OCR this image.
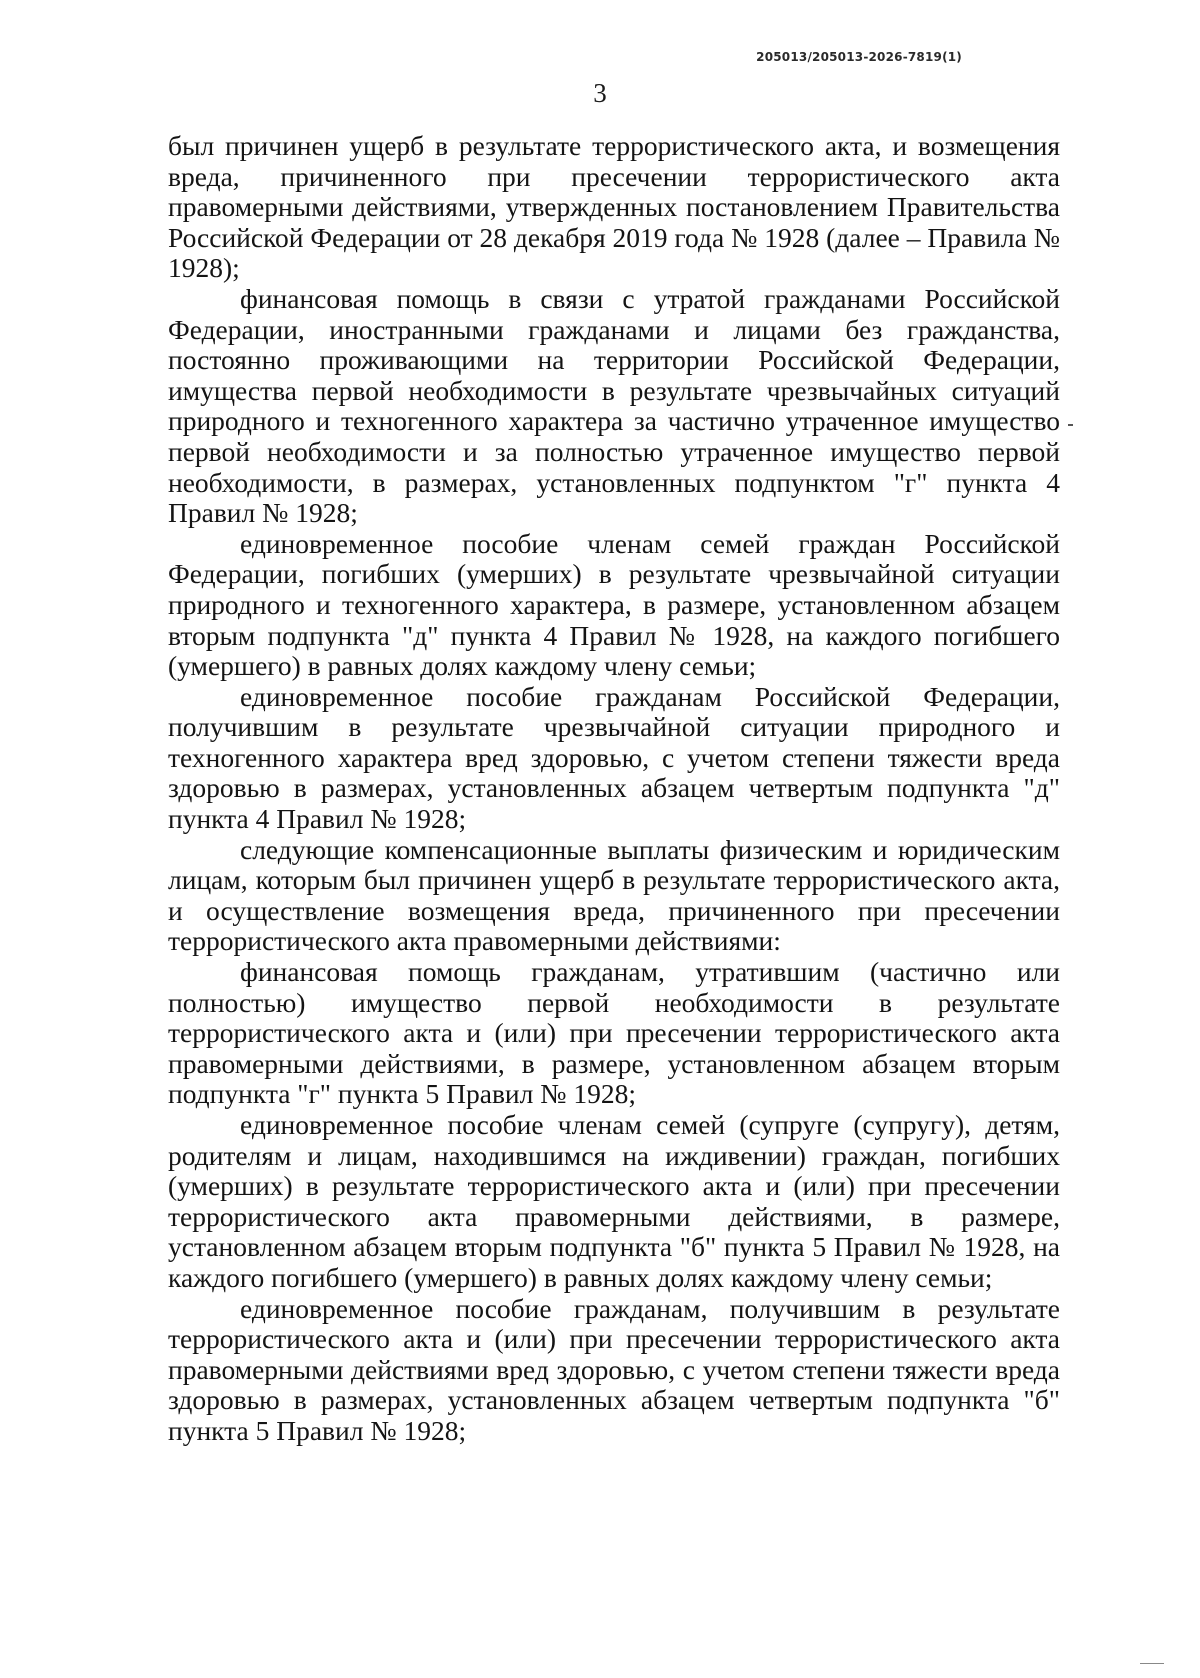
205013/205013-2026-7819(1)
3

был причинен ущерб в результате террористического акта, и возмещения вреда, причиненного при пресечении террористического акта правомерными действиями, утвержденных постановлением Правительства Российской Федерации от 28 декабря 2019 года № 1928 (далее – Правила № 1928);

финансовая помощь в связи с утратой гражданами Российской Федерации, иностранными гражданами и лицами без гражданства, постоянно проживающими на территории Российской Федерации, имущества первой необходимости в результате чрезвычайных ситуаций природного и техногенного характера за частично утраченное имущество первой необходимости и за полностью утраченное имущество первой необходимости, в размерах, установленных подпунктом "г" пункта 4 Правил № 1928;

единовременное пособие членам семей граждан Российской Федерации, погибших (умерших) в результате чрезвычайной ситуации природного и техногенного характера, в размере, установленном абзацем вторым подпункта "д" пункта 4 Правил № 1928, на каждого погибшего (умершего) в равных долях каждому члену семьи;

единовременное пособие гражданам Российской Федерации, получившим в результате чрезвычайной ситуации природного и техногенного характера вред здоровью, с учетом степени тяжести вреда здоровью в размерах, установленных абзацем четвертым подпункта "д" пункта 4 Правил № 1928;

следующие компенсационные выплаты физическим и юридическим лицам, которым был причинен ущерб в результате террористического акта, и осуществление возмещения вреда, причиненного при пресечении террористического акта правомерными действиями:

финансовая помощь гражданам, утратившим (частично или полностью) имущество первой необходимости в результате террористического акта и (или) при пресечении террористического акта правомерными действиями, в размере, установленном абзацем вторым подпункта "г" пункта 5 Правил № 1928;

единовременное пособие членам семей (супруге (супругу), детям, родителям и лицам, находившимся на иждивении) граждан, погибших (умерших) в результате террористического акта и (или) при пресечении террористического акта правомерными действиями, в размере, установленном абзацем вторым подпункта "б" пункта 5 Правил № 1928, на каждого погибшего (умершего) в равных долях каждому члену семьи;

единовременное пособие гражданам, получившим в результате террористического акта и (или) при пресечении террористического акта правомерными действиями вред здоровью, с учетом степени тяжести вреда здоровью в размерах, установленных абзацем четвертым подпункта "б" пункта 5 Правил № 1928;
